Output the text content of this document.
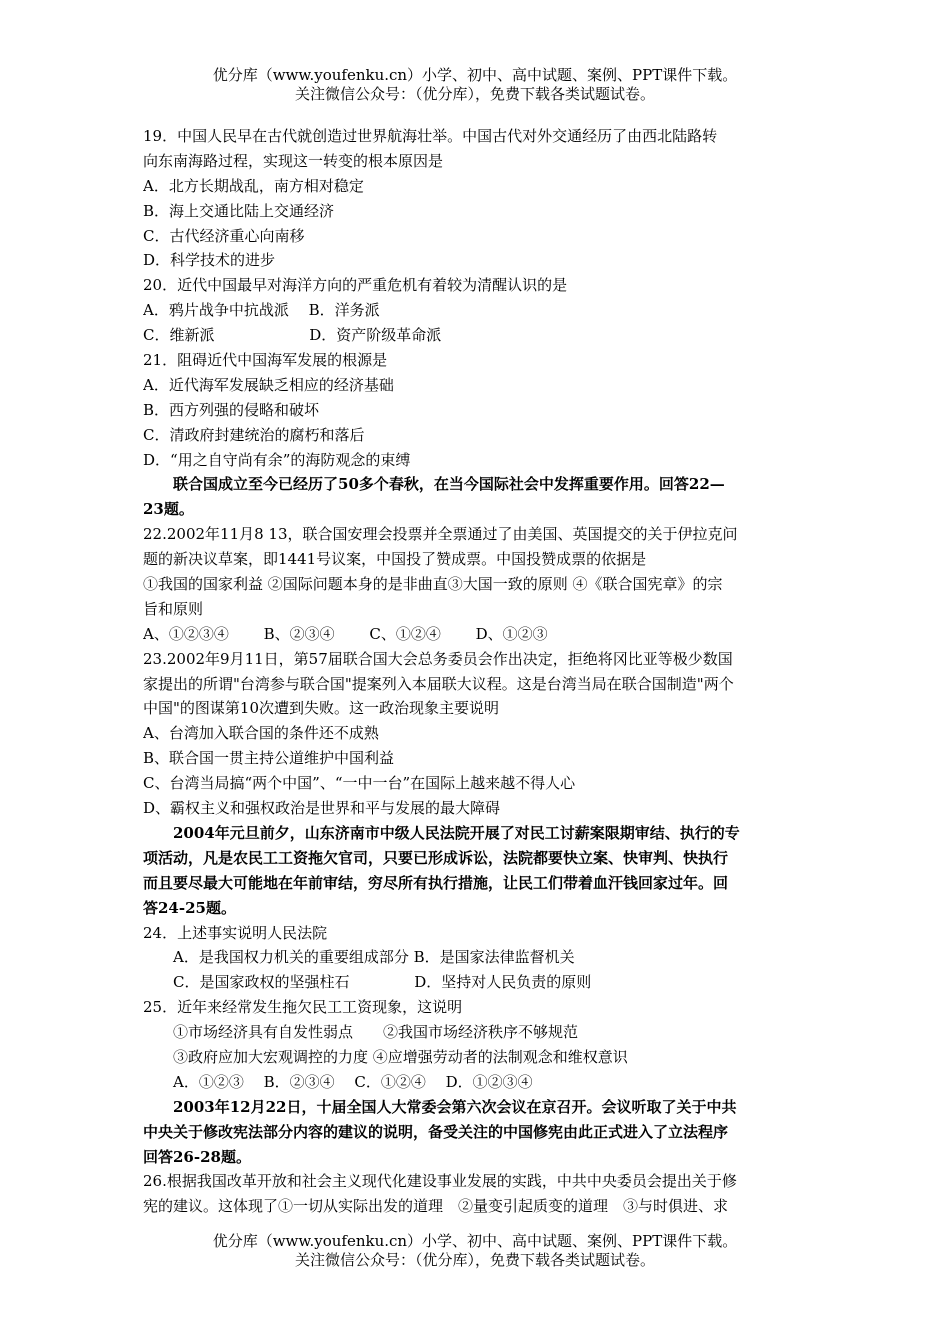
优分库（www.youfenku.cn）小学、初中、高中试题、案例、PPT课件下载。
关注微信公众号：（优分库），免费下载各类试题试卷。
19．中国人民早在古代就创造过世界航海壮举。中国古代对外交通经历了由西北陆路转
向东南海路过程，实现这一转变的根本原因是
A．北方长期战乱，南方相对稳定
B．海上交通比陆上交通经济
C．古代经济重心向南移
D．科学技术的进步
20．近代中国最早对海洋方向的严重危机有着较为清醒认识的是
A．鸦片战争中抗战派　 B．洋务派
C．维新派　　　　　　 D．资产阶级革命派
21．阻碍近代中国海军发展的根源是
A．近代海军发展缺乏相应的经济基础
B．西方列强的侵略和破坏
C．清政府封建统治的腐朽和落后
D．“用之自守尚有余”的海防观念的束缚
　　联合国成立至今已经历了50多个春秋，在当今国际社会中发挥重要作用。回答22—
23题。
22.2002年11月8 13，联合国安理会投票并全票通过了由美国、英国提交的关于伊拉克问
题的新决议草案，即1441号议案，中国投了赞成票。中国投赞成票的依据是
①我国的国家利益 ②国际问题本身的是非曲直③大国一致的原则 ④《联合国宪章》的宗
旨和原则
A、①②③④　　 B、②③④　　 C、①②④　　 D、①②③
23.2002年9月11日，第57届联合国大会总务委员会作出决定，拒绝将冈比亚等极少数国
家提出的所谓"台湾参与联合国"提案列入本届联大议程。这是台湾当局在联合国制造"两个
中国"的图谋第10次遭到失败。这一政治现象主要说明
A、台湾加入联合国的条件还不成熟
B、联合国一贯主持公道维护中国利益
C、台湾当局搞“两个中国”、“一中一台”在国际上越来越不得人心
D、霸权主义和强权政治是世界和平与发展的最大障碍
　　2004年元旦前夕，山东济南市中级人民法院开展了对民工讨薪案限期审结、执行的专
项活动，凡是农民工工资拖欠官司，只要已形成诉讼，法院都要快立案、快审判、快执行
而且要尽最大可能地在年前审结，穷尽所有执行措施，让民工们带着血汗钱回家过年。回
答24-25题。
24．上述事实说明人民法院
A．是我国权力机关的重要组成部分 B．是国家法律监督机关
C．是国家政权的坚强柱石　　　　 D．坚持对人民负责的原则
25．近年来经常发生拖欠民工工资现象，这说明
①市场经济具有自发性弱点　　②我国市场经济秩序不够规范
③政府应加大宏观调控的力度 ④应增强劳动者的法制观念和维权意识
A．①②③　 B．②③④　 C．①②④　 D．①②③④
　　2003年12月22日，十届全国人大常委会第六次会议在京召开。会议听取了关于中共
中央关于修改宪法部分内容的建议的说明，备受关注的中国修宪由此正式进入了立法程序
回答26-28题。
26.根据我国改革开放和社会主义现代化建设事业发展的实践，中共中央委员会提出关于修
宪的建议。这体现了①一切从实际出发的道理　②量变引起质变的道理　③与时俱进、求
优分库（www.youfenku.cn）小学、初中、高中试题、案例、PPT课件下载。
关注微信公众号：（优分库），免费下载各类试题试卷。
